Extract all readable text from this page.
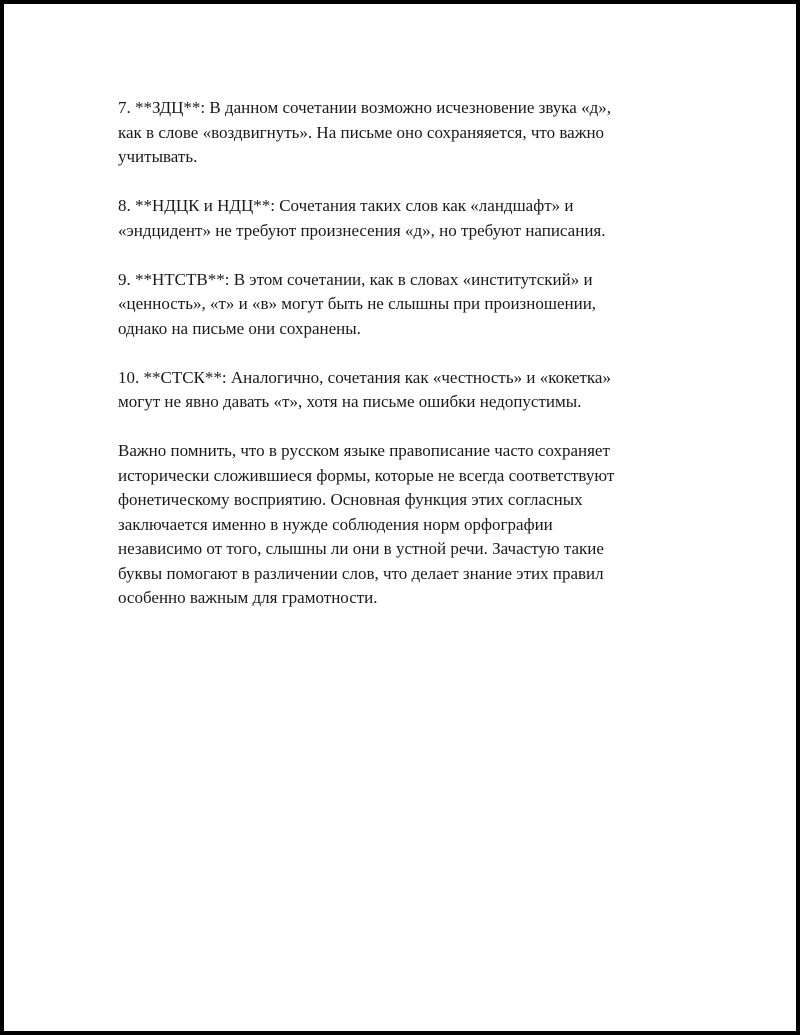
7. **ЗДЦ**: В данном сочетании возможно исчезновение звука «д»,
как в слове «воздвигнуть». На письме оно сохраняяется, что важно
учитывать.

8. **НДЦК и НДЦ**: Сочетания таких слов как «ландшафт» и
«эндцидент» не требуют произнесения «д», но требуют написания.

9. **НТСТВ**: В этом сочетании, как в словах «институтский» и
«ценность», «т» и «в» могут быть не слышны при произношении,
однако на письме они сохранены.

10. **СТСК**: Аналогично, сочетания как «честность» и «кокетка»
могут не явно давать «т», хотя на письме ошибки недопустимы.

Важно помнить, что в русском языке правописание часто сохраняет
исторически сложившиеся формы, которые не всегда соответствуют
фонетическому восприятию. Основная функция этих согласных
заключается именно в нужде соблюдения норм орфографии
независимо от того, слышны ли они в устной речи. Зачастую такие
буквы помогают в различении слов, что делает знание этих правил
особенно важным для грамотности.
